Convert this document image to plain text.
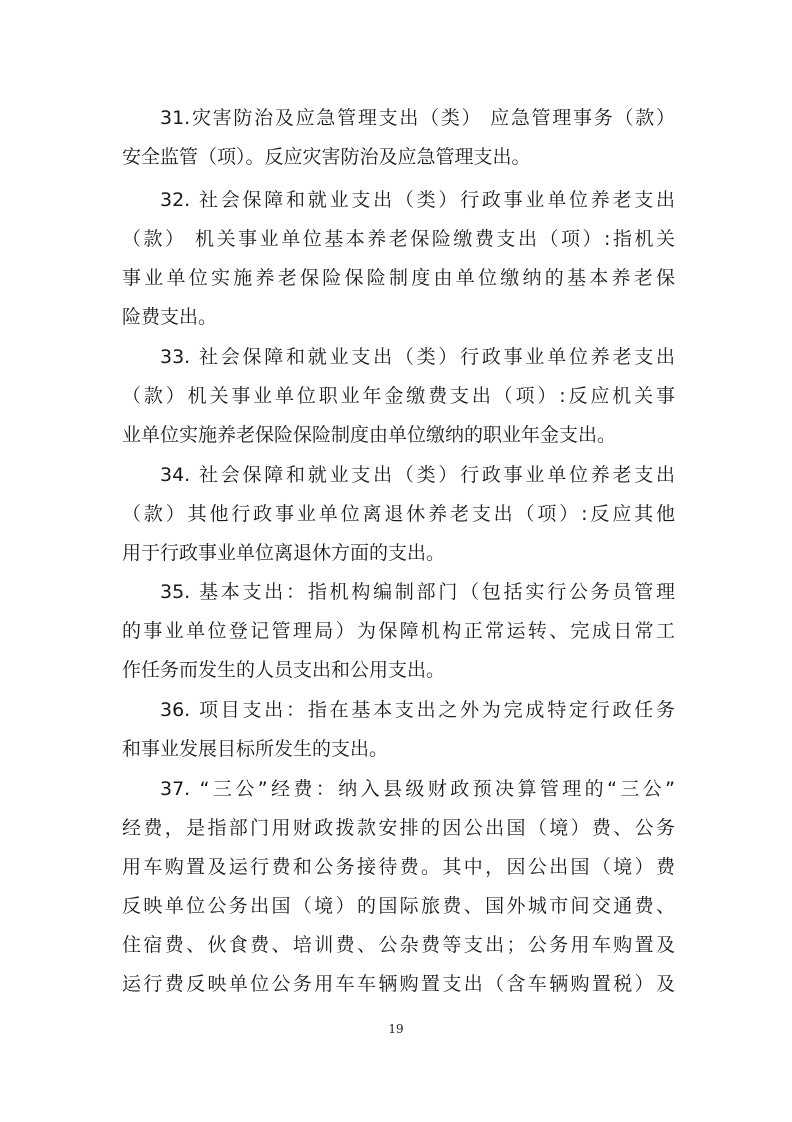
31.灾害防治及应急管理支出（类） 应急管理事务（款）
安全监管（项）。反应灾害防治及应急管理支出。
32. 社会保障和就业支出（类）行政事业单位养老支出
（款） 机关事业单位基本养老保险缴费支出（项）:指机关
事业单位实施养老保险保险制度由单位缴纳的基本养老保
险费支出。
33. 社会保障和就业支出（类）行政事业单位养老支出
（款）机关事业单位职业年金缴费支出（项）:反应机关事
业单位实施养老保险保险制度由单位缴纳的职业年金支出。
34. 社会保障和就业支出（类）行政事业单位养老支出
（款）其他行政事业单位离退休养老支出（项）:反应其他
用于行政事业单位离退休方面的支出。
35. 基本支出：指机构编制部门（包括实行公务员管理
的事业单位登记管理局）为保障机构正常运转、完成日常工
作任务而发生的人员支出和公用支出。
36. 项目支出：指在基本支出之外为完成特定行政任务
和事业发展目标所发生的支出。
37. “三公”经费：纳入县级财政预决算管理的“三公”
经费，是指部门用财政拨款安排的因公出国（境）费、公务
用车购置及运行费和公务接待费。其中，因公出国（境）费
反映单位公务出国（境）的国际旅费、国外城市间交通费、
住宿费、伙食费、培训费、公杂费等支出；公务用车购置及
运行费反映单位公务用车车辆购置支出（含车辆购置税）及
19
